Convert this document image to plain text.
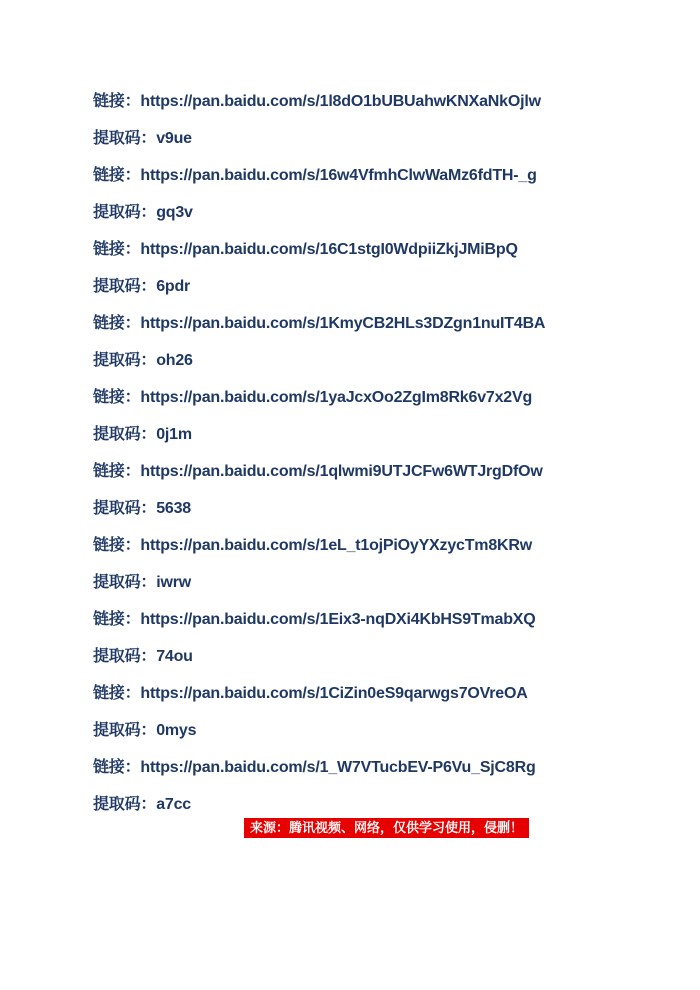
链接：https://pan.baidu.com/s/1l8dO1bUBUahwKNXaNkOjlw

提取码：v9ue

链接：https://pan.baidu.com/s/16w4VfmhClwWaMz6fdTH-_g

提取码：gq3v

链接：https://pan.baidu.com/s/16C1stgI0WdpiiZkjJMiBpQ

提取码：6pdr

链接：https://pan.baidu.com/s/1KmyCB2HLs3DZgn1nuIT4BA

提取码：oh26

链接：https://pan.baidu.com/s/1yaJcxOo2ZgIm8Rk6v7x2Vg

提取码：0j1m

链接：https://pan.baidu.com/s/1qlwmi9UTJCFw6WTJrgDfOw

提取码：5638

链接：https://pan.baidu.com/s/1eL_t1ojPiOyYXzycTm8KRw

提取码：iwrw

链接：https://pan.baidu.com/s/1Eix3-nqDXi4KbHS9TmabXQ

提取码：74ou

链接：https://pan.baidu.com/s/1CiZin0eS9qarwgs7OVreOA

提取码：0mys

链接：https://pan.baidu.com/s/1_W7VTucbEV-P6Vu_SjC8Rg

提取码：a7cc

来源：腾讯视频、网络，仅供学习使用，侵删！
